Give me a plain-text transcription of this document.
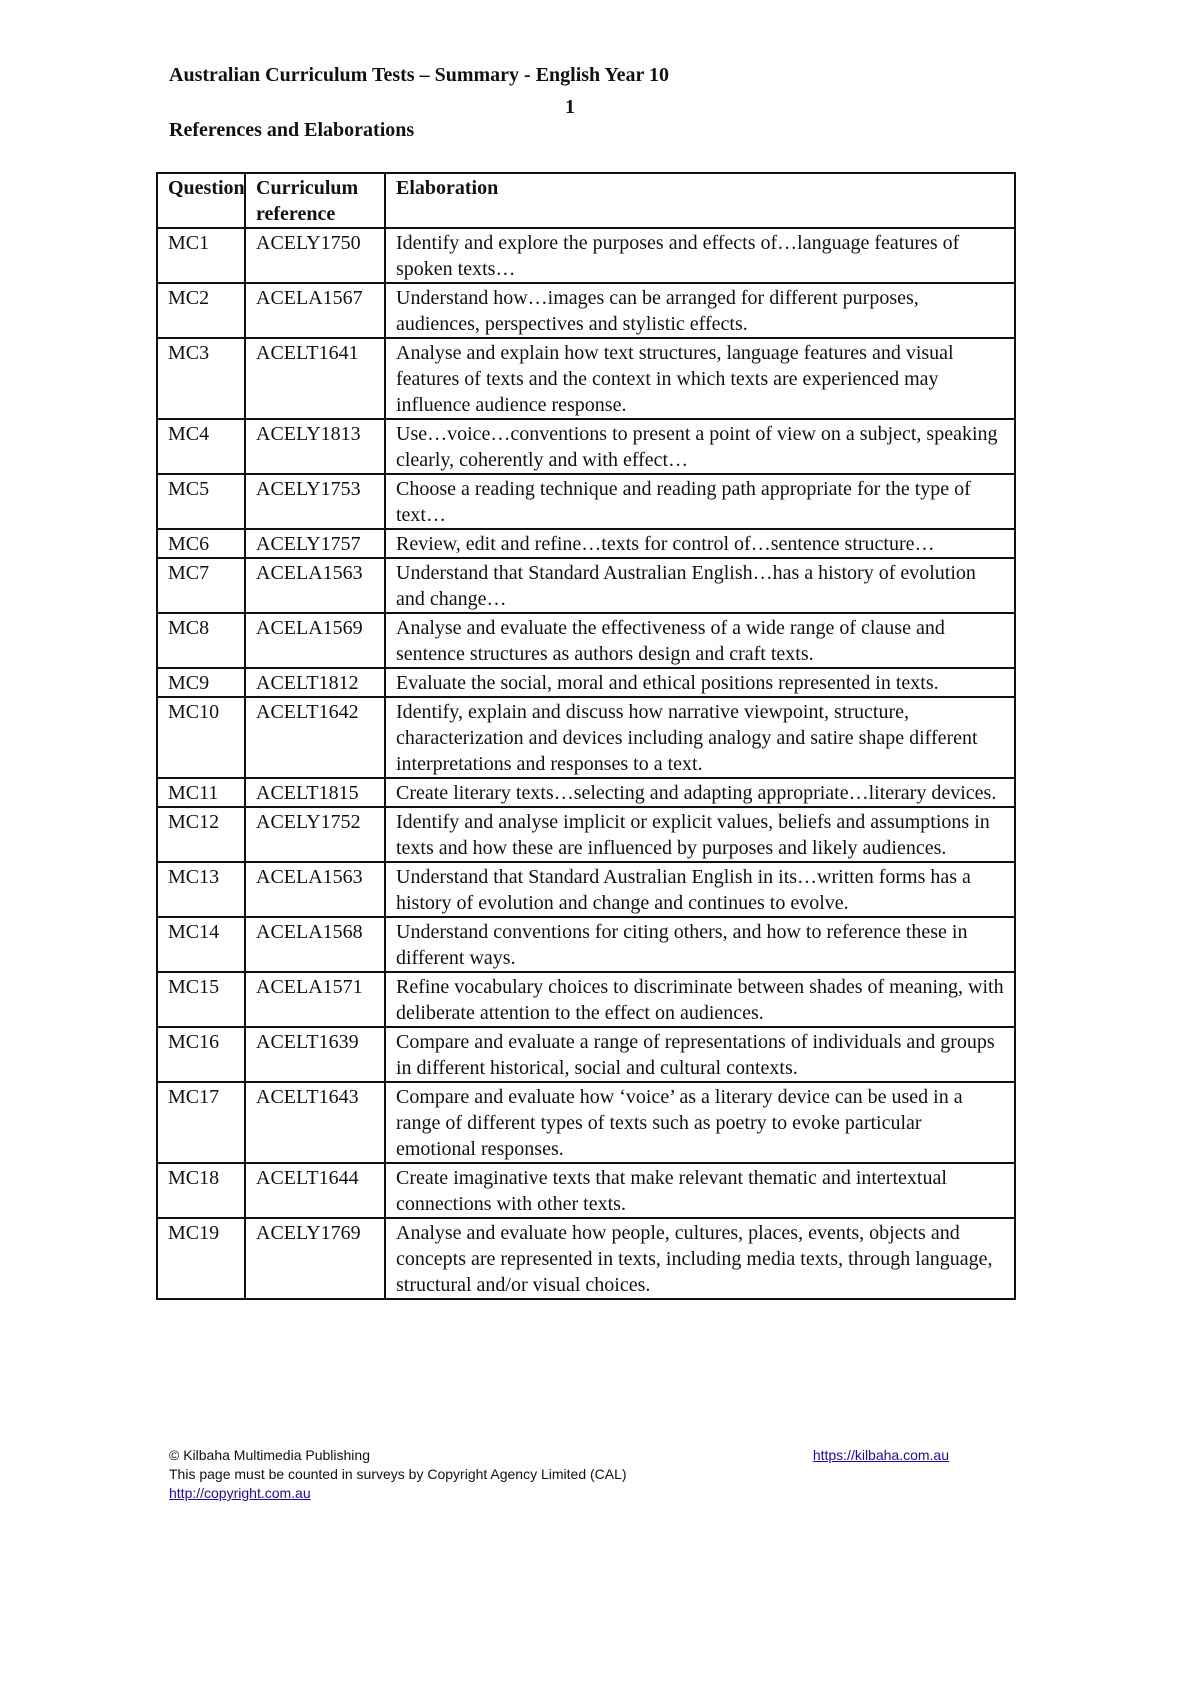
Australian Curriculum Tests – Summary - English Year 10
1
References and Elaborations
Question	Curriculum reference	Elaboration
MC1	ACELY1750	Identify and explore the purposes and effects of…language features of spoken texts…
MC2	ACELA1567	Understand how…images can be arranged for different purposes, audiences, perspectives and stylistic effects.
MC3	ACELT1641	Analyse and explain how text structures, language features and visual features of texts and the context in which texts are experienced may influence audience response.
MC4	ACELY1813	Use…voice…conventions to present a point of view on a subject, speaking clearly, coherently and with effect…
MC5	ACELY1753	Choose a reading technique and reading path appropriate for the type of text…
MC6	ACELY1757	Review, edit and refine…texts for control of…sentence structure…
MC7	ACELA1563	Understand that Standard Australian English…has a history of evolution and change…
MC8	ACELA1569	Analyse and evaluate the effectiveness of a wide range of clause and sentence structures as authors design and craft texts.
MC9	ACELT1812	Evaluate the social, moral and ethical positions represented in texts.
MC10	ACELT1642	Identify, explain and discuss how narrative viewpoint, structure, characterization and devices including analogy and satire shape different interpretations and responses to a text.
MC11	ACELT1815	Create literary texts…selecting and adapting appropriate…literary devices.
MC12	ACELY1752	Identify and analyse implicit or explicit values, beliefs and assumptions in texts and how these are influenced by purposes and likely audiences.
MC13	ACELA1563	Understand that Standard Australian English in its…written forms has a history of evolution and change and continues to evolve.
MC14	ACELA1568	Understand conventions for citing others, and how to reference these in different ways.
MC15	ACELA1571	Refine vocabulary choices to discriminate between shades of meaning, with deliberate attention to the effect on audiences.
MC16	ACELT1639	Compare and evaluate a range of representations of individuals and groups in different historical, social and cultural contexts.
MC17	ACELT1643	Compare and evaluate how ‘voice’ as a literary device can be used in a range of different types of texts such as poetry to evoke particular emotional responses.
MC18	ACELT1644	Create imaginative texts that make relevant thematic and intertextual connections with other texts.
MC19	ACELY1769	Analyse and evaluate how people, cultures, places, events, objects and concepts are represented in texts, including media texts, through language, structural and/or visual choices.
© Kilbaha Multimedia Publishing	https://kilbaha.com.au
This page must be counted in surveys by Copyright Agency Limited (CAL)
http://copyright.com.au
